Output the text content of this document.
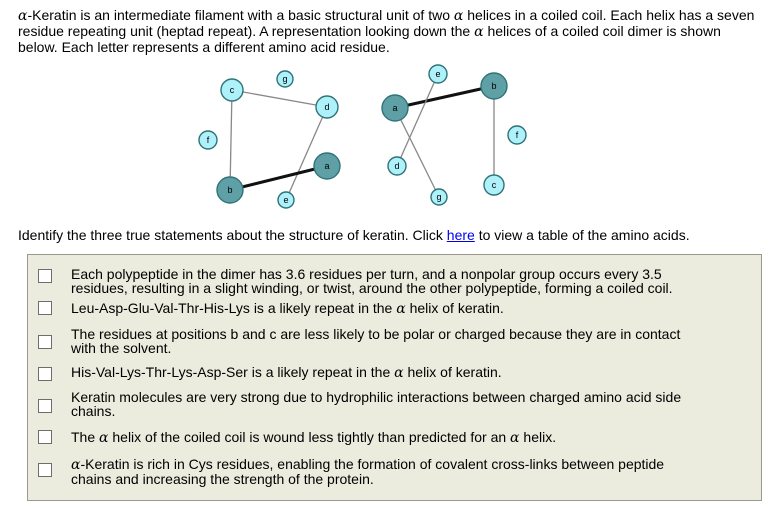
α-Keratin is an intermediate filament with a basic structural unit of two α helices in a coiled coil. Each helix has a seven residue repeating unit (heptad repeat). A representation looking down the α helices of a coiled coil dimer is shown below. Each letter represents a different amino acid residue.

g
c
d
f
a
b
e
e
b
a
f
d
c
g

Identify the three true statements about the structure of keratin. Click here to view a table of the amino acids.

Each polypeptide in the dimer has 3.6 residues per turn, and a nonpolar group occurs every 3.5
residues, resulting in a slight winding, or twist, around the other polypeptide, forming a coiled coil.
Leu-Asp-Glu-Val-Thr-His-Lys is a likely repeat in the α helix of keratin.
The residues at positions b and c are less likely to be polar or charged because they are in contact
with the solvent.
His-Val-Lys-Thr-Lys-Asp-Ser is a likely repeat in the α helix of keratin.
Keratin molecules are very strong due to hydrophilic interactions between charged amino acid side
chains.
The α helix of the coiled coil is wound less tightly than predicted for an α helix.
α-Keratin is rich in Cys residues, enabling the formation of covalent cross-links between peptide
chains and increasing the strength of the protein.
